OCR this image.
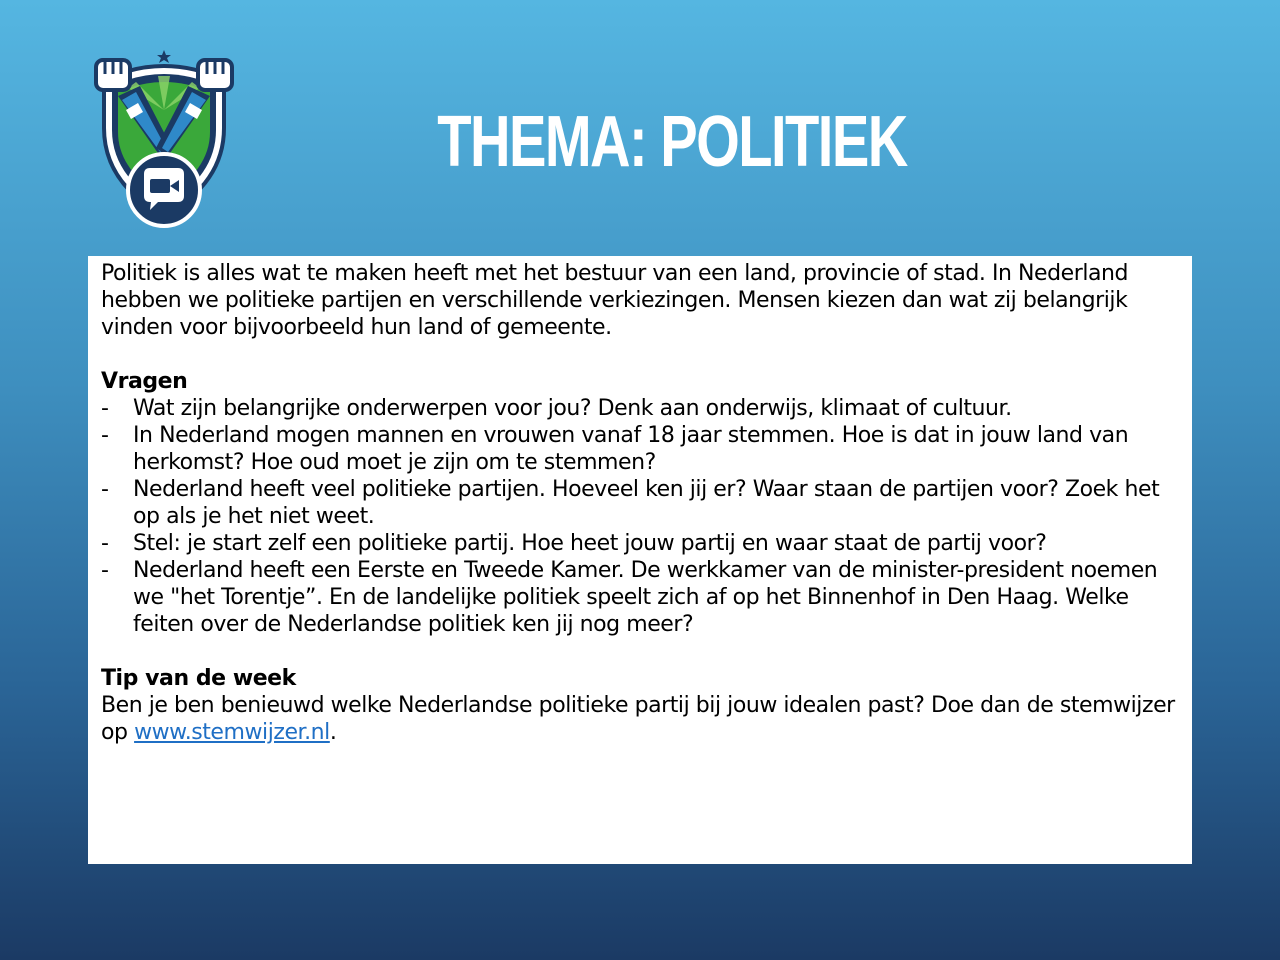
THEMA: POLITIEK

Politiek is alles wat te maken heeft met het bestuur van een land, provincie of stad. In Nederland hebben we politieke partijen en verschillende verkiezingen. Mensen kiezen dan wat zij belangrijk vinden voor bijvoorbeeld hun land of gemeente.

Vragen

- Wat zijn belangrijke onderwerpen voor jou? Denk aan onderwijs, klimaat of cultuur.
- In Nederland mogen mannen en vrouwen vanaf 18 jaar stemmen. Hoe is dat in jouw land van herkomst? Hoe oud moet je zijn om te stemmen?
- Nederland heeft veel politieke partijen. Hoeveel ken jij er? Waar staan de partijen voor? Zoek het op als je het niet weet.
- Stel: je start zelf een politieke partij. Hoe heet jouw partij en waar staat de partij voor?
- Nederland heeft een Eerste en Tweede Kamer. De werkkamer van de minister-president noemen we "het Torentje”. En de landelijke politiek speelt zich af op het Binnenhof in Den Haag. Welke feiten over de Nederlandse politiek ken jij nog meer?

Tip van de week

Ben je ben benieuwd welke Nederlandse politieke partij bij jouw idealen past? Doe dan de stemwijzer op www.stemwijzer.nl.
